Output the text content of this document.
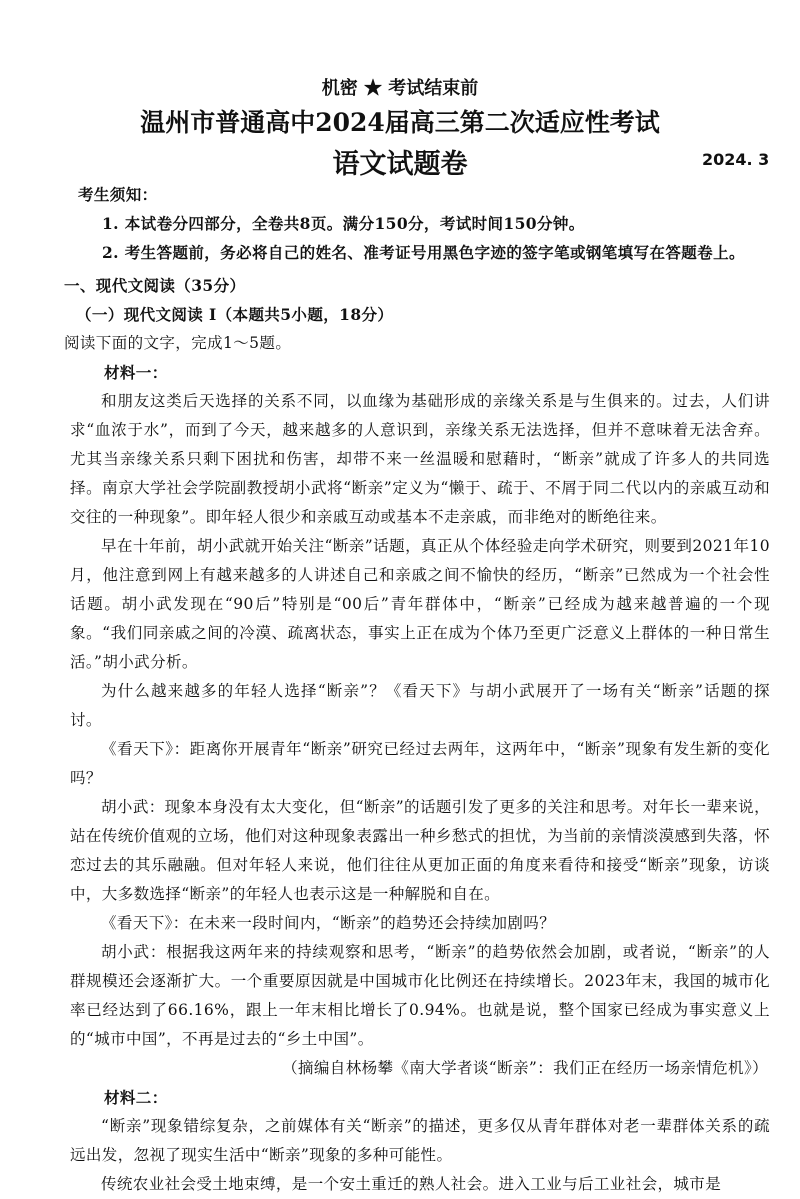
机密 ★ 考试结束前
温州市普通高中2024届高三第二次适应性考试
语文试题卷	2024. 3

考生须知：

1. 本试卷分四部分，全卷共8页。满分150分，考试时间150分钟。

2. 考生答题前，务必将自己的姓名、准考证号用黑色字迹的签字笔或钢笔填写在答题卷上。

一、现代文阅读（35分）

（一）现代文阅读 I（本题共5小题，18分）

阅读下面的文字，完成1～5题。

材料一：

和朋友这类后天选择的关系不同，以血缘为基础形成的亲缘关系是与生俱来的。过去，人们讲求“血浓于水”，而到了今天，越来越多的人意识到，亲缘关系无法选择，但并不意味着无法舍弃。尤其当亲缘关系只剩下困扰和伤害，却带不来一丝温暖和慰藉时，“断亲”就成了许多人的共同选择。南京大学社会学院副教授胡小武将“断亲”定义为“懒于、疏于、不屑于同二代以内的亲戚互动和交往的一种现象”。即年轻人很少和亲戚互动或基本不走亲戚，而非绝对的断绝往来。

早在十年前，胡小武就开始关注“断亲”话题，真正从个体经验走向学术研究，则要到2021年10月，他注意到网上有越来越多的人讲述自己和亲戚之间不愉快的经历，“断亲”已然成为一个社会性话题。胡小武发现在“90后”特别是“00后”青年群体中，“断亲”已经成为越来越普遍的一个现象。“我们同亲戚之间的冷漠、疏离状态，事实上正在成为个体乃至更广泛意义上群体的一种日常生活。”胡小武分析。

为什么越来越多的年轻人选择“断亲”？《看天下》与胡小武展开了一场有关“断亲”话题的探讨。

《看天下》：距离你开展青年“断亲”研究已经过去两年，这两年中，“断亲”现象有发生新的变化吗？

胡小武：现象本身没有太大变化，但“断亲”的话题引发了更多的关注和思考。对年长一辈来说，站在传统价值观的立场，他们对这种现象表露出一种乡愁式的担忧，为当前的亲情淡漠感到失落，怀恋过去的其乐融融。但对年轻人来说，他们往往从更加正面的角度来看待和接受“断亲”现象，访谈中，大多数选择“断亲”的年轻人也表示这是一种解脱和自在。

《看天下》：在未来一段时间内，“断亲”的趋势还会持续加剧吗？

胡小武：根据我这两年来的持续观察和思考，“断亲”的趋势依然会加剧，或者说，“断亲”的人群规模还会逐渐扩大。一个重要原因就是中国城市化比例还在持续增长。2023年末，我国的城市化率已经达到了66.16%，跟上一年末相比增长了0.94%。也就是说，整个国家已经成为事实意义上的“城市中国”，不再是过去的“乡土中国”。

（摘编自林杨攀《南大学者谈“断亲”：我们正在经历一场亲情危机》）

材料二：

“断亲”现象错综复杂，之前媒体有关“断亲”的描述，更多仅从青年群体对老一辈群体关系的疏远出发，忽视了现实生活中“断亲”现象的多种可能性。

传统农业社会受土地束缚，是一个安土重迁的熟人社会。进入工业与后工业社会，城市是
